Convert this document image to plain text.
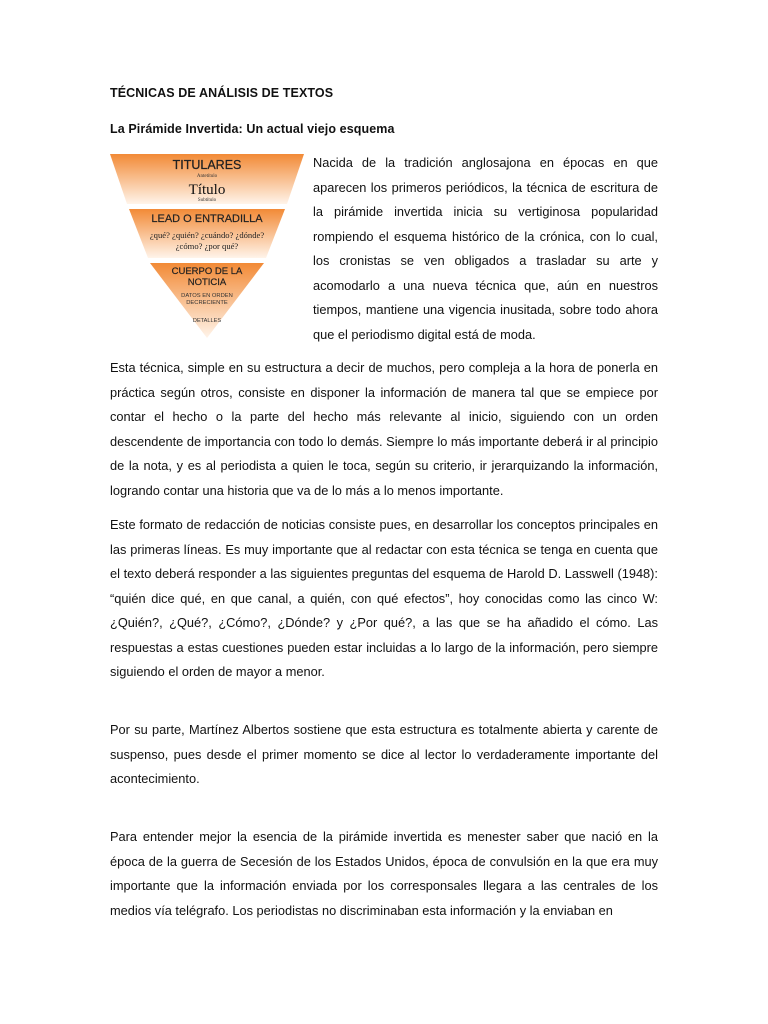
TÉCNICAS DE ANÁLISIS DE TEXTOS
La Pirámide Invertida: Un actual viejo esquema
TITULARES
Antetítulo
Título
Subtítulo
LEAD O ENTRADILLA
¿qué? ¿quién? ¿cuándo? ¿dónde?
¿cómo? ¿por qué?
CUERPO DE LA
NOTICIA
DATOS EN ORDEN
DECRECIENTE
DETALLES

Nacida de la tradición anglosajona en épocas en que aparecen los primeros periódicos, la técnica de escritura de la pirámide invertida inicia su vertiginosa popularidad rompiendo el esquema histórico de la crónica, con lo cual, los cronistas se ven obligados a trasladar su arte y acomodarlo a una nueva técnica que, aún en nuestros tiempos, mantiene una vigencia inusitada, sobre todo ahora que el periodismo digital está de moda.

Esta técnica, simple en su estructura a decir de muchos, pero compleja a la hora de ponerla en práctica según otros, consiste en disponer la información de manera tal que se empiece por contar el hecho o la parte del hecho más relevante al inicio, siguiendo con un orden descendente de importancia con todo lo demás. Siempre lo más importante deberá ir al principio de la nota, y es al periodista a quien le toca, según su criterio, ir jerarquizando la información, logrando contar una historia que va de lo más a lo menos importante.

Este formato de redacción de noticias consiste pues, en desarrollar los conceptos principales en las primeras líneas. Es muy importante que al redactar con esta técnica se tenga en cuenta que el texto deberá responder a las siguientes preguntas del esquema de Harold D. Lasswell (1948): “quién dice qué, en que canal, a quién, con qué efectos”, hoy conocidas como las cinco W: ¿Quién?, ¿Qué?, ¿Cómo?, ¿Dónde? y ¿Por qué?, a las que se ha añadido el cómo. Las respuestas a estas cuestiones pueden estar incluidas a lo largo de la información, pero siempre siguiendo el orden de mayor a menor.

Por su parte, Martínez Albertos sostiene que esta estructura es totalmente abierta y carente de suspenso, pues desde el primer momento se dice al lector lo verdaderamente importante del acontecimiento.

Para entender mejor la esencia de la pirámide invertida es menester saber que nació en la época de la guerra de Secesión de los Estados Unidos, época de convulsión en la que era muy importante que la información enviada por los corresponsales llegara a las centrales de los medios vía telégrafo. Los periodistas no discriminaban esta información y la enviaban en
